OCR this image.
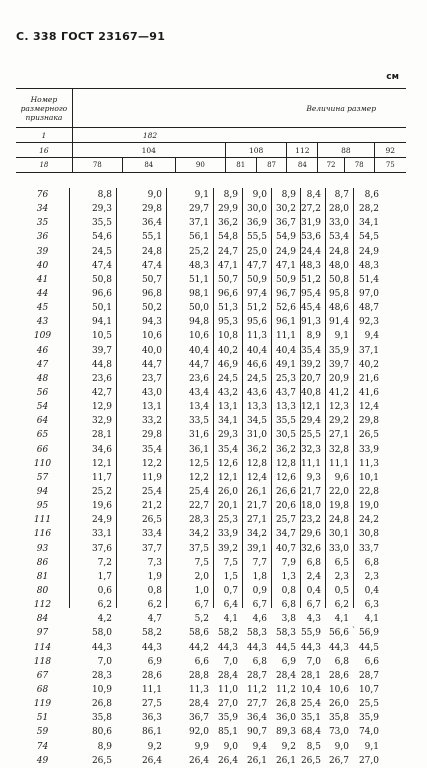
С. 338 ГОСТ 23167—91
см
Номер размерного признака	Величина размер								
1	182								
16	104			108		112	88		92
18	78	84	90	81	87	84	72	78	75
76	8,8	9,0	9,1	8,9	9,0	8,9	8,4	8,7	8,6
34	29,3	29,8	29,7 29,9 30,0 30,2 27,2 28,0	28,2
35	35,5	36,4	37,1 36,2 36,9 36,7 31,9 33,0	34,1
36	54,6	55,1	56,1 54,8 55,5 54,9 53,6 53,4	54,5
39	24,5	24,8	25,2 24,7 25,0 24,9 24,4 24,8	24,9
40	47,4	47,4	48,3 47,1 47,7 47,1 48,3 48,0	48,3
41	50,8	50,7	51,1 50,7 50,9 50,9 51,2 50,8	51,4
44	96,6	96,8	98,1 96,6 97,4 96,7 95,4 95,8	97,0
45	50,1	50,2	50,0 51,3 51,2 52,6 45,4 48,6	48,7
43	94,1	94,3	94,8 95,3 95,6 96,1 91,3 91,4	92,3
109	10,5	10,6	10,6 10,8 11,3 11,1	8,9	9,1	9,4
46	39,7	40,0	40,4 40,2 40,4 40,4 35,4 35,9	37,1
47	44,8	44,7	44,7 46,9 46,6 49,1 39,2 39,7	40,2
48	23,6	23,7	23,6 24,5 24,5 25,3 20,7 20,9	21,6
56	42,7	43,0	43,4 43,2 43,6 43,7 40,8 41,2	41,6
54	12,9	13,1	13,4 13,1 13,3 13,3 12,1 12,3	12,4
64	32,9	33,2	33,5 34,1 34,5 35,5 29,4 29,2	29,8
65	28,1	29,8	31,6 29,3 31,0 30,5 25,5 27,1	26,5
66	34,6	35,4	36,1 35,4 36,2 36,2 32,3 32,8	33,9
110	12,1	12,2	12,5 12,6 12,8 12,8 11,1 11,1	11,3
57	11,7	11,9	12,2 12,1 12,4 12,6	9,3	9,6	10,1
94	25,2	25,4	25,4 26,0 26,1 26,6 21,7 22,0	22,8
95	19,6	21,2	22,7 20,1 21,7 20,6 18,0 19,8	19,0
111	24,9	26,5	28,3 25,3 27,1 25,7 23,2 24,8	24,2
116	33,1	33,4	34,2 33,9 34,2 34,7 29,6 30,1	30,8
93	37,6	37,7	37,5 39,2 39,1 40,7 32,6 33,0	33,7
86	7,2	7,3	7,5	7,5	7,7	7,9	6,8	6,5	6,8
81	1,7	1,9	2,0	1,5	1,8	1,3	2,4	2,3	2,3
80	0,6	0,8	1,0	0,7	0,9	0,8	0,4	0,5	0,4
112	6,2	6,2	6,7	6,4	6,7	6,8	6,7	6,2	6,3
84	4,2	4,7	5,2	4,1	4,6	3,8	4,3	4,1	4,1
97	58,0	58,2	58,6 58,2 58,3 58,3 55,9 56,6	56,9
114	44,3	44,3	44,2 44,3 44,3 44,5 44,3 44,3	44,5
118	7,0	6,9	6,6	7,0	6,8	6,9	7,0	6,8	6,6
67	28,3	28,6	28,8 28,4 28,7 28,4 28,1 28,6	28,7
68	10,9	11,1	11,3 11,0 11,2 11,2 10,4 10,6	10,7
119	26,8	27,5	28,4 27,0 27,7 26,8 25,4 26,0	25,5
51	35,8	36,3	36,7 35,9 36,4 36,0 35,1 35,8	35,9
59	80,6	86,1	92,0 85,1 90,7 89,3 68,4 73,0	74,0
74	8,9	9,2	9,9	9,0	9,4	9,2	8,5	9,0	9,1
49	26,5	26,4	26,4 26,4 26,1 26,1 26,5 26,7	27,0
ˎ
